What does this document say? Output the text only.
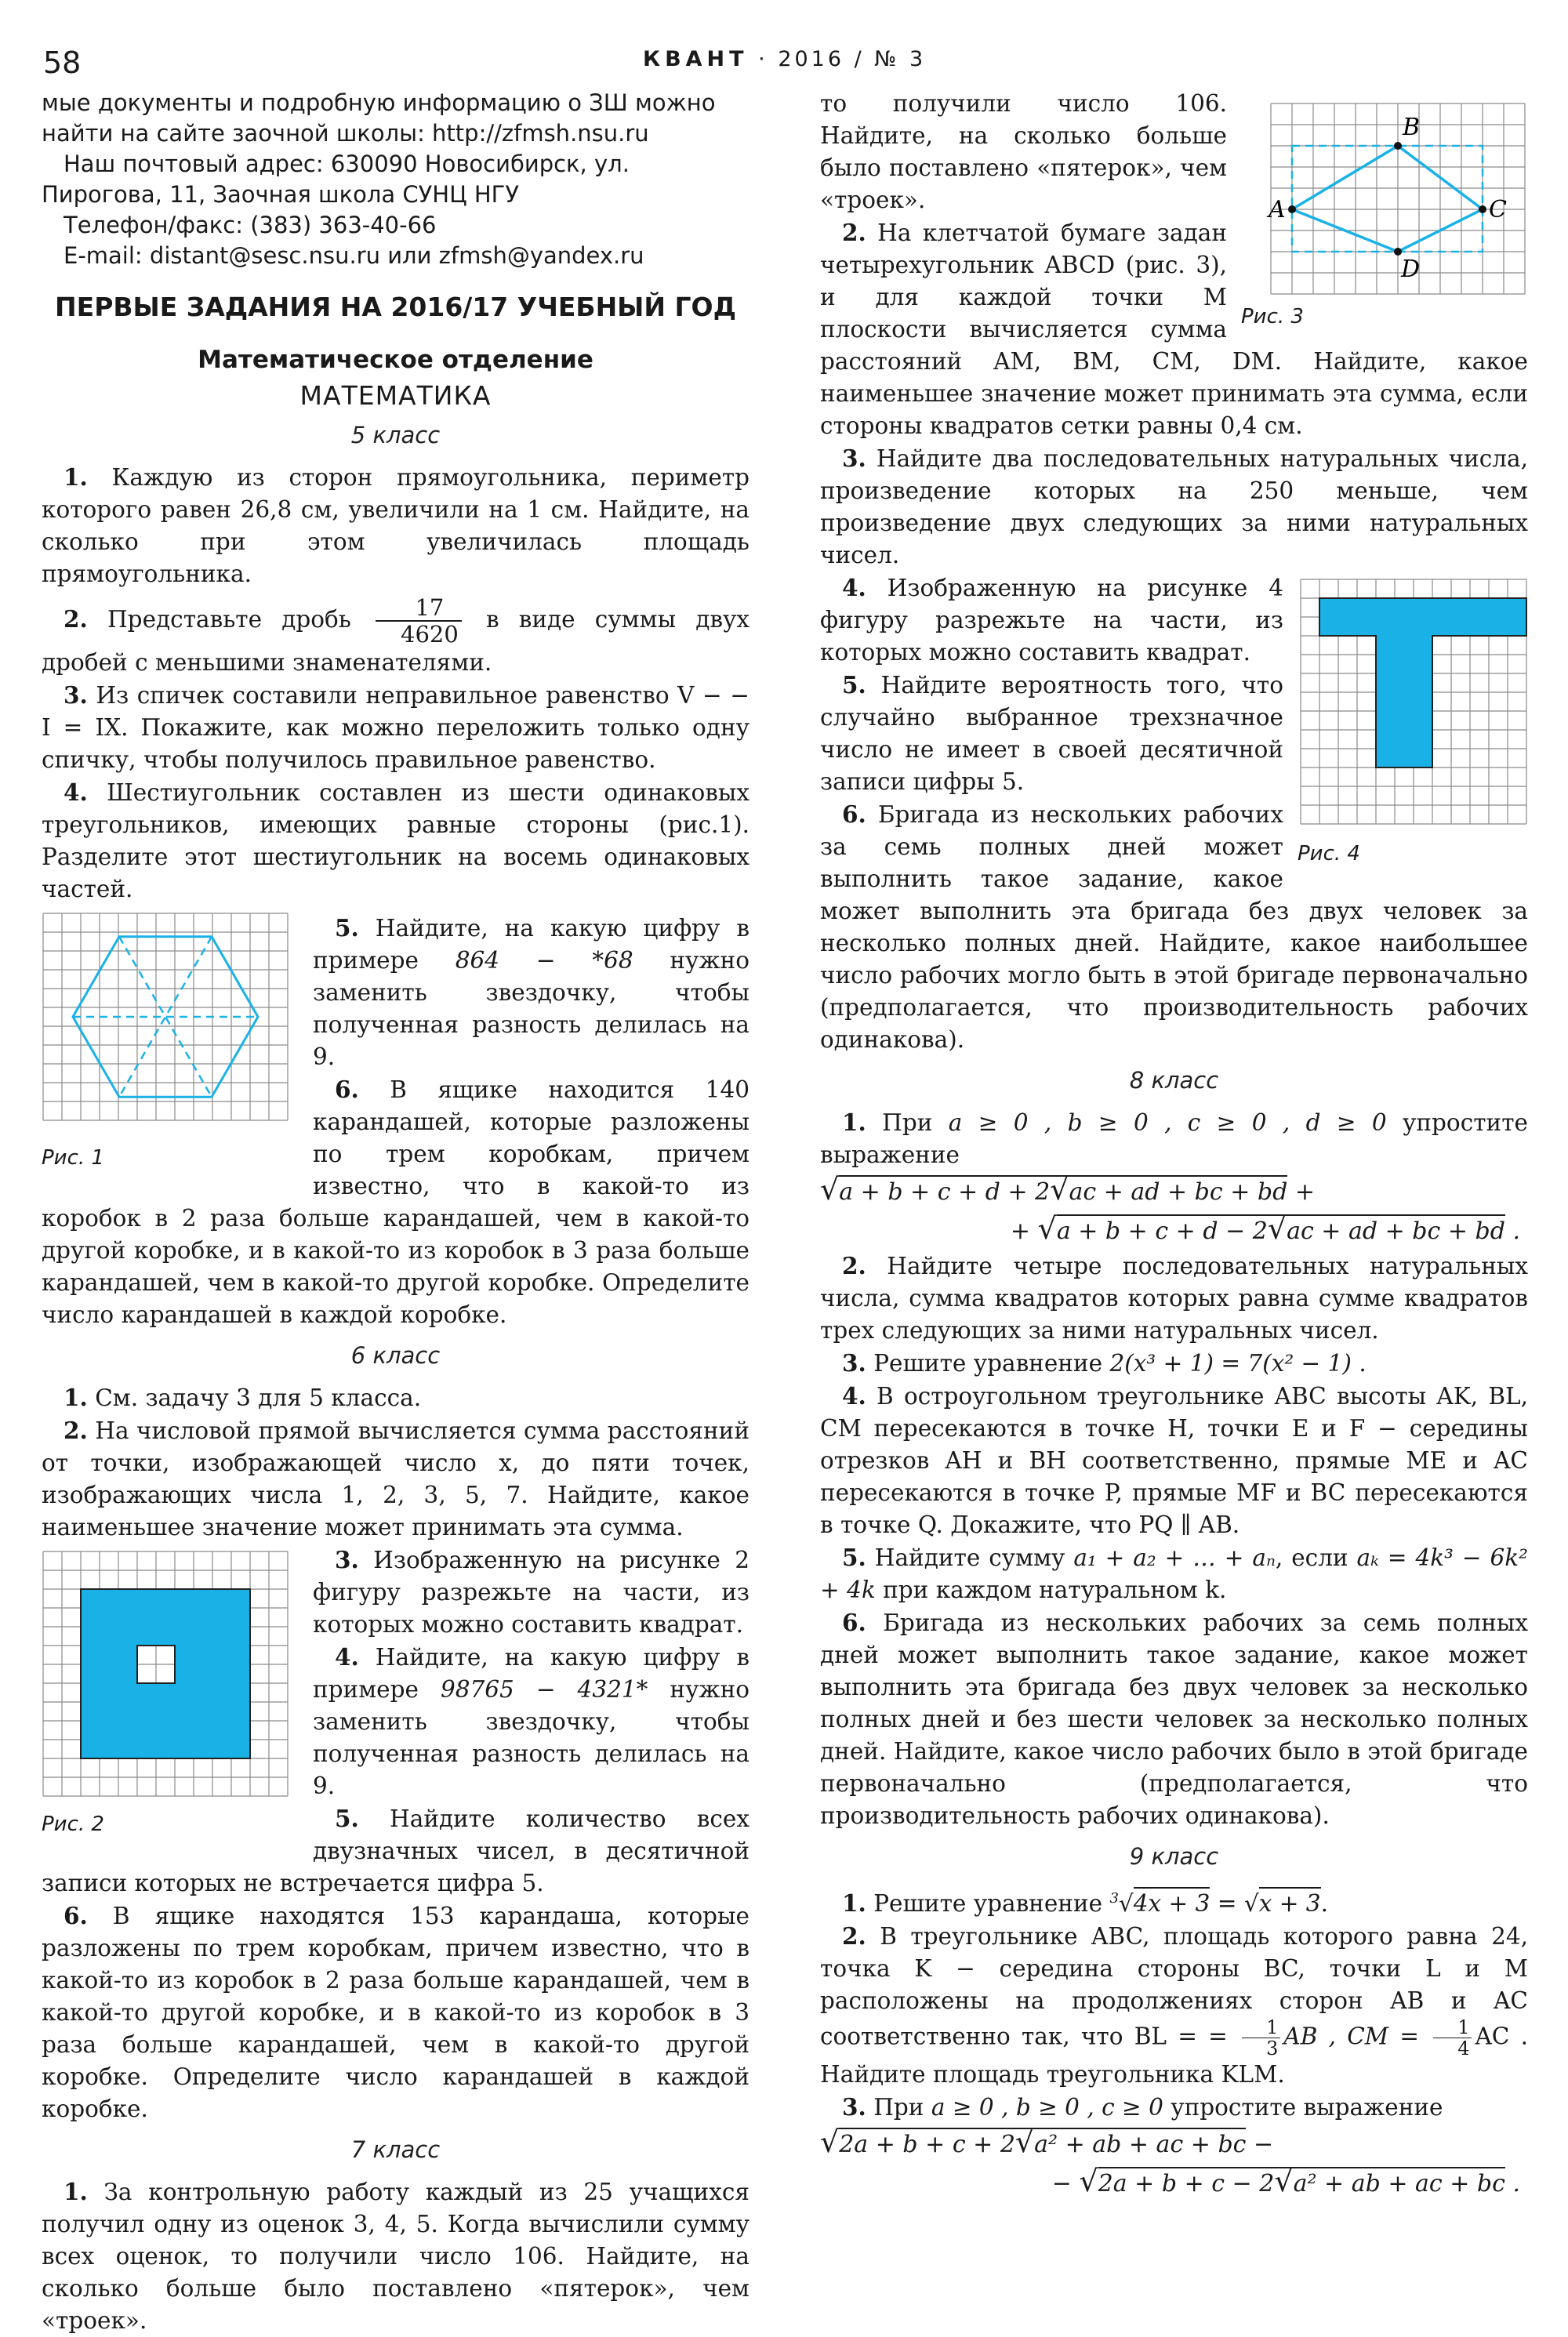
58	КВАНТ · 2016 / № 3

мые документы и подробную информацию о ЗШ можно найти на сайте заочной школы: http://zfmsh.nsu.ru

Наш почтовый адрес: 630090 Новосибирск, ул. Пирогова, 11, Заочная школа СУНЦ НГУ

Телефон/факс: (383) 363-40-66

E-mail: distant@sesc.nsu.ru или zfmsh@yandex.ru

ПЕРВЫЕ ЗАДАНИЯ НА 2016/17 УЧЕБНЫЙ ГОД
Математическое отделение
МАТЕМАТИКА
5 класс

1. Каждую из сторон прямоугольника, периметр которого равен 26,8 см, увеличили на 1 см. Найдите, на сколько при этом увеличилась площадь прямоугольника.

2. Представьте дробь $\frac{17}{4620}$ в виде суммы двух дробей с меньшими знаменателями.

3. Из спичек составили неправильное равенство V − − I = IX. Покажите, как можно переложить только одну спичку, чтобы получилось правильное равенство.

4. Шестиугольник составлен из шести одинаковых треугольников, имеющих равные стороны (рис.1). Разделите этот шестиугольник на восемь одинаковых частей.

Рис. 1

5. Найдите, на какую цифру в примере 864 − *68 нужно заменить звездочку, чтобы полученная разность делилась на 9.

6. В ящике находится 140 карандашей, которые разложены по трем коробкам, причем известно, что в какой-то из коробок в 2 раза больше карандашей, чем в какой-то другой коробке, и в какой-то из коробок в 3 раза больше карандашей, чем в какой-то другой коробке. Определите число карандашей в каждой коробке.

6 класс

1. См. задачу 3 для 5 класса.

2. На числовой прямой вычисляется сумма расстояний от точки, изображающей число x, до пяти точек, изображающих числа 1, 2, 3, 5, 7. Найдите, какое наименьшее значение может принимать эта сумма.

Рис. 2

3. Изображенную на рисунке 2 фигуру разрежьте на части, из которых можно составить квадрат.

4. Найдите, на какую цифру в примере 98765 − 4321* нужно заменить звездочку, чтобы полученная разность делилась на 9.

5. Найдите количество всех двузначных чисел, в десятичной записи которых не встречается цифра 5.

6. В ящике находятся 153 карандаша, которые разложены по трем коробкам, причем известно, что в какой-то из коробок в 2 раза больше карандашей, чем в какой-то другой коробке, и в какой-то из коробок в 3 раза больше карандашей, чем в какой-то другой коробке. Определите число карандашей в каждой коробке.

7 класс

1. За контрольную работу каждый из 25 учащихся получил одну из оценок 3, 4, 5. Когда вычислили сумму всех оценок, то получили число 106. Найдите, на сколько больше было поставлено «пятерок», чем «троек».

A
B
C
D
Рис. 3

то получили число 106. Найдите, на сколько больше было поставлено «пятерок», чем «троек».

2. На клетчатой бумаге задан четырехугольник ABCD (рис. 3), и для каждой точки M плоскости вычисляется сумма расстояний AM, BM, CM, DM. Найдите, какое наименьшее значение может принимать эта сумма, если стороны квадратов сетки равны 0,4 см.

3. Найдите два последовательных натуральных числа, произведение которых на 250 меньше, чем произведение двух следующих за ними натуральных чисел.

Рис. 4

4. Изображенную на рисунке 4 фигуру разрежьте на части, из которых можно составить квадрат.

5. Найдите вероятность того, что случайно выбранное трехзначное число не имеет в своей десятичной записи цифры 5.

6. Бригада из нескольких рабочих за семь полных дней может выполнить такое задание, какое может выполнить эта бригада без двух человек за несколько полных дней. Найдите, какое наибольшее число рабочих могло быть в этой бригаде первоначально (предполагается, что производительность рабочих одинакова).

8 класс

1. При a ≥ 0 , b ≥ 0 , c ≥ 0 , d ≥ 0 упростите выражение

√a + b + c + d + 2√ac + ad + bc + bd +
+ √a + b + c + d − 2√ac + ad + bc + bd .

2. Найдите четыре последовательных натуральных числа, сумма квадратов которых равна сумме квадратов трех следующих за ними натуральных чисел.

3. Решите уравнение 2(x³ + 1) = 7(x² − 1) .

4. В остроугольном треугольнике ABC высоты AK, BL, CM пересекаются в точке H, точки E и F − середины отрезков AH и BH соответственно, прямые ME и AC пересекаются в точке P, прямые MF и BC пересекаются в точке Q. Докажите, что PQ ∥ AB.

5. Найдите сумму a₁ + a₂ + … + aₙ, если aₖ = 4k³ − 6k² + 4k при каждом натуральном k.

6. Бригада из нескольких рабочих за семь полных дней может выполнить такое задание, какое может выполнить эта бригада без двух человек за несколько полных дней и без шести человек за несколько полных дней. Найдите, какое число рабочих было в этой бригаде первоначально (предполагается, что производительность рабочих одинакова).

9 класс

1. Решите уравнение $^3$√4x + 3 = √x + 3.

2. В треугольнике ABC, площадь которого равна 24, точка K − середина стороны BC, точки L и M расположены на продолжениях сторон AB и AC соответственно так, что BL = = $\frac{1}{3}$ AB , CM = $\frac{1}{4}$ AC . Найдите площадь треугольника KLM.

3. При a ≥ 0 , b ≥ 0 , c ≥ 0 упростите выражение

√2a + b + c + 2√a² + ab + ac + bc −
− √2a + b + c − 2√a² + ab + ac + bc .
